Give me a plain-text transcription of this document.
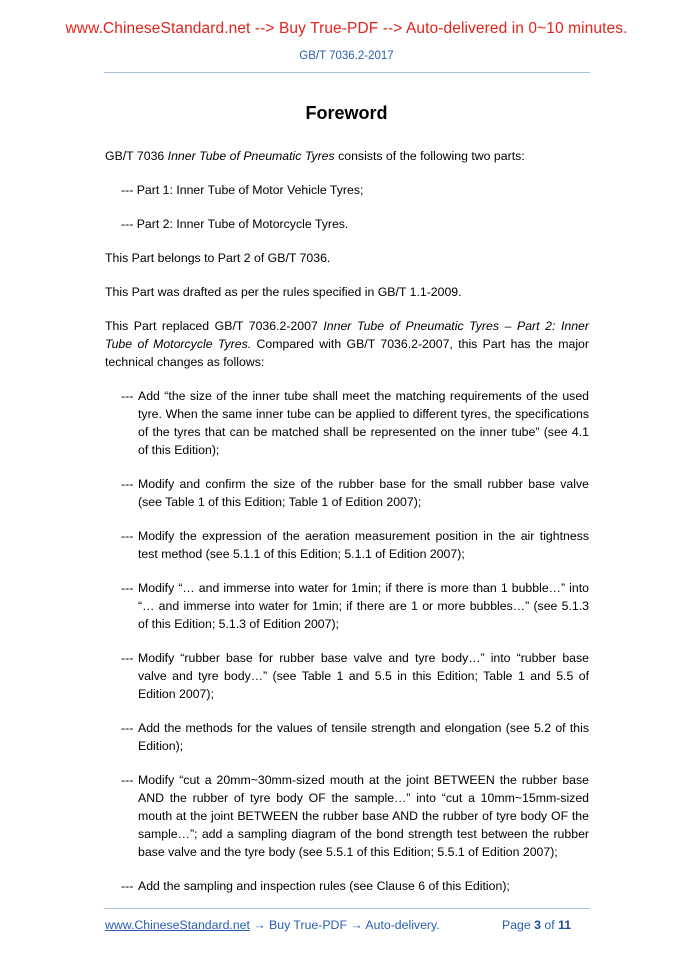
www.ChineseStandard.net --> Buy True-PDF --> Auto-delivered in 0~10 minutes.
GB/T 7036.2-2017
Foreword
GB/T 7036 Inner Tube of Pneumatic Tyres consists of the following two parts:
--- Part 1: Inner Tube of Motor Vehicle Tyres;
--- Part 2: Inner Tube of Motorcycle Tyres.
This Part belongs to Part 2 of GB/T 7036.
This Part was drafted as per the rules specified in GB/T 1.1-2009.
This Part replaced GB/T 7036.2-2007 Inner Tube of Pneumatic Tyres – Part 2: Inner Tube of Motorcycle Tyres. Compared with GB/T 7036.2-2007, this Part has the major technical changes as follows:
--- Add “the size of the inner tube shall meet the matching requirements of the used tyre. When the same inner tube can be applied to different tyres, the specifications of the tyres that can be matched shall be represented on the inner tube” (see 4.1 of this Edition);
--- Modify and confirm the size of the rubber base for the small rubber base valve (see Table 1 of this Edition; Table 1 of Edition 2007);
--- Modify the expression of the aeration measurement position in the air tightness test method (see 5.1.1 of this Edition; 5.1.1 of Edition 2007);
--- Modify “… and immerse into water for 1min; if there is more than 1 bubble…” into “… and immerse into water for 1min; if there are 1 or more bubbles…” (see 5.1.3 of this Edition; 5.1.3 of Edition 2007);
--- Modify “rubber base for rubber base valve and tyre body…” into “rubber base valve and tyre body…” (see Table 1 and 5.5 in this Edition; Table 1 and 5.5 of Edition 2007);
--- Add the methods for the values of tensile strength and elongation (see 5.2 of this Edition);
--- Modify “cut a 20mm~30mm-sized mouth at the joint BETWEEN the rubber base AND the rubber of tyre body OF the sample…” into “cut a 10mm~15mm-sized mouth at the joint BETWEEN the rubber base AND the rubber of tyre body OF the sample…”; add a sampling diagram of the bond strength test between the rubber base valve and the tyre body (see 5.5.1 of this Edition; 5.5.1 of Edition 2007);
--- Add the sampling and inspection rules (see Clause 6 of this Edition);
www.ChineseStandard.net → Buy True-PDF → Auto-delivery.	Page 3 of 11
